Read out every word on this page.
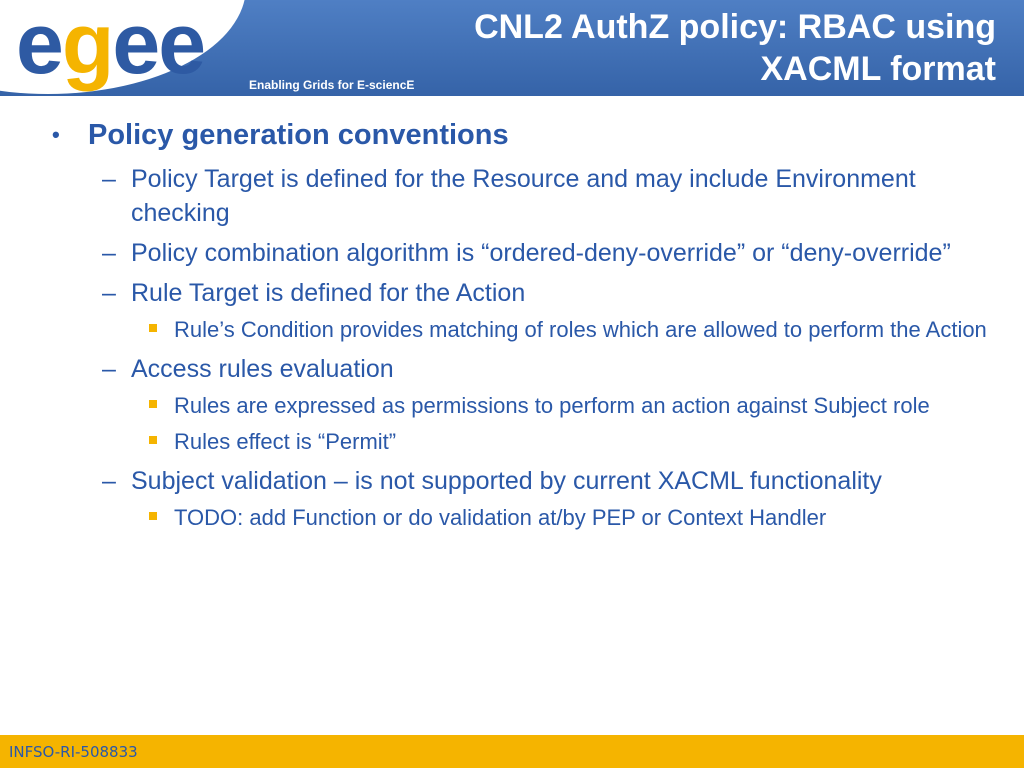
egee	Enabling Grids for E-sciencE
CNL2 AuthZ policy: RBAC using
XACML format
• Policy generation conventions
– Policy Target is defined for the Resource and may include Environment checking
– Policy combination algorithm is “ordered-deny-override” or “deny-override”
– Rule Target is defined for the Action
Rule’s Condition provides matching of roles which are allowed to perform the Action
– Access rules evaluation
Rules are expressed as permissions to perform an action against Subject role
Rules effect is “Permit”
– Subject validation – is not supported by current XACML functionality
TODO: add Function or do validation at/by PEP or Context Handler
INFSO-RI-508833
